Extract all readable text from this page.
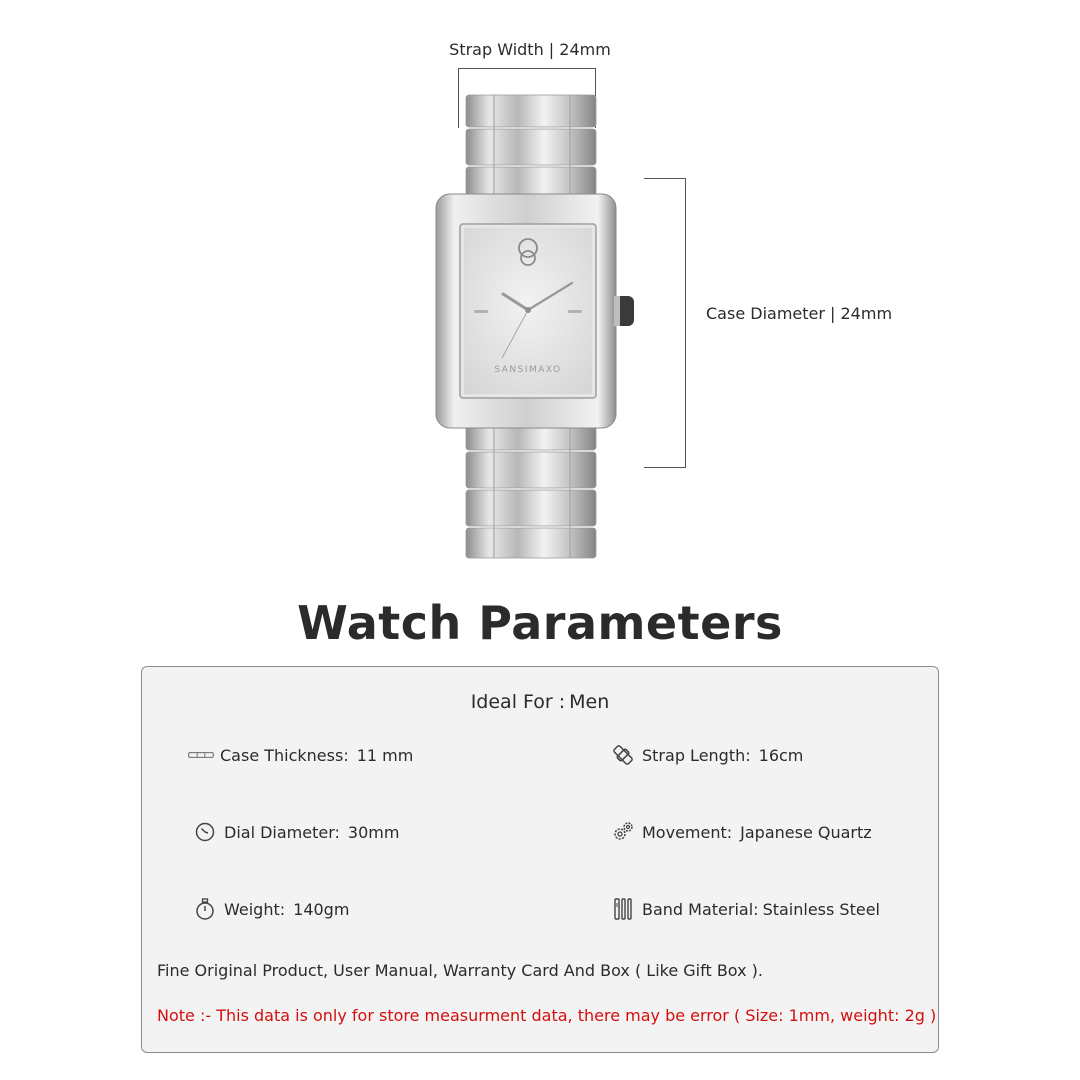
Strap Width | 24mm
Case Diameter | 24mm
SANSIMAXO
Watch Parameters
Ideal For : Men
Case Thickness: 11 mm	Strap Length: 16cm
Dial Diameter: 30mm	Movement: Japanese Quartz
Weight: 140gm	Band Material: Stainless Steel
Fine Original Product, User Manual, Warranty Card And Box ( Like Gift Box ).
Note :- This data is only for store measurment data, there may be error ( Size: 1mm, weight: 2g )
